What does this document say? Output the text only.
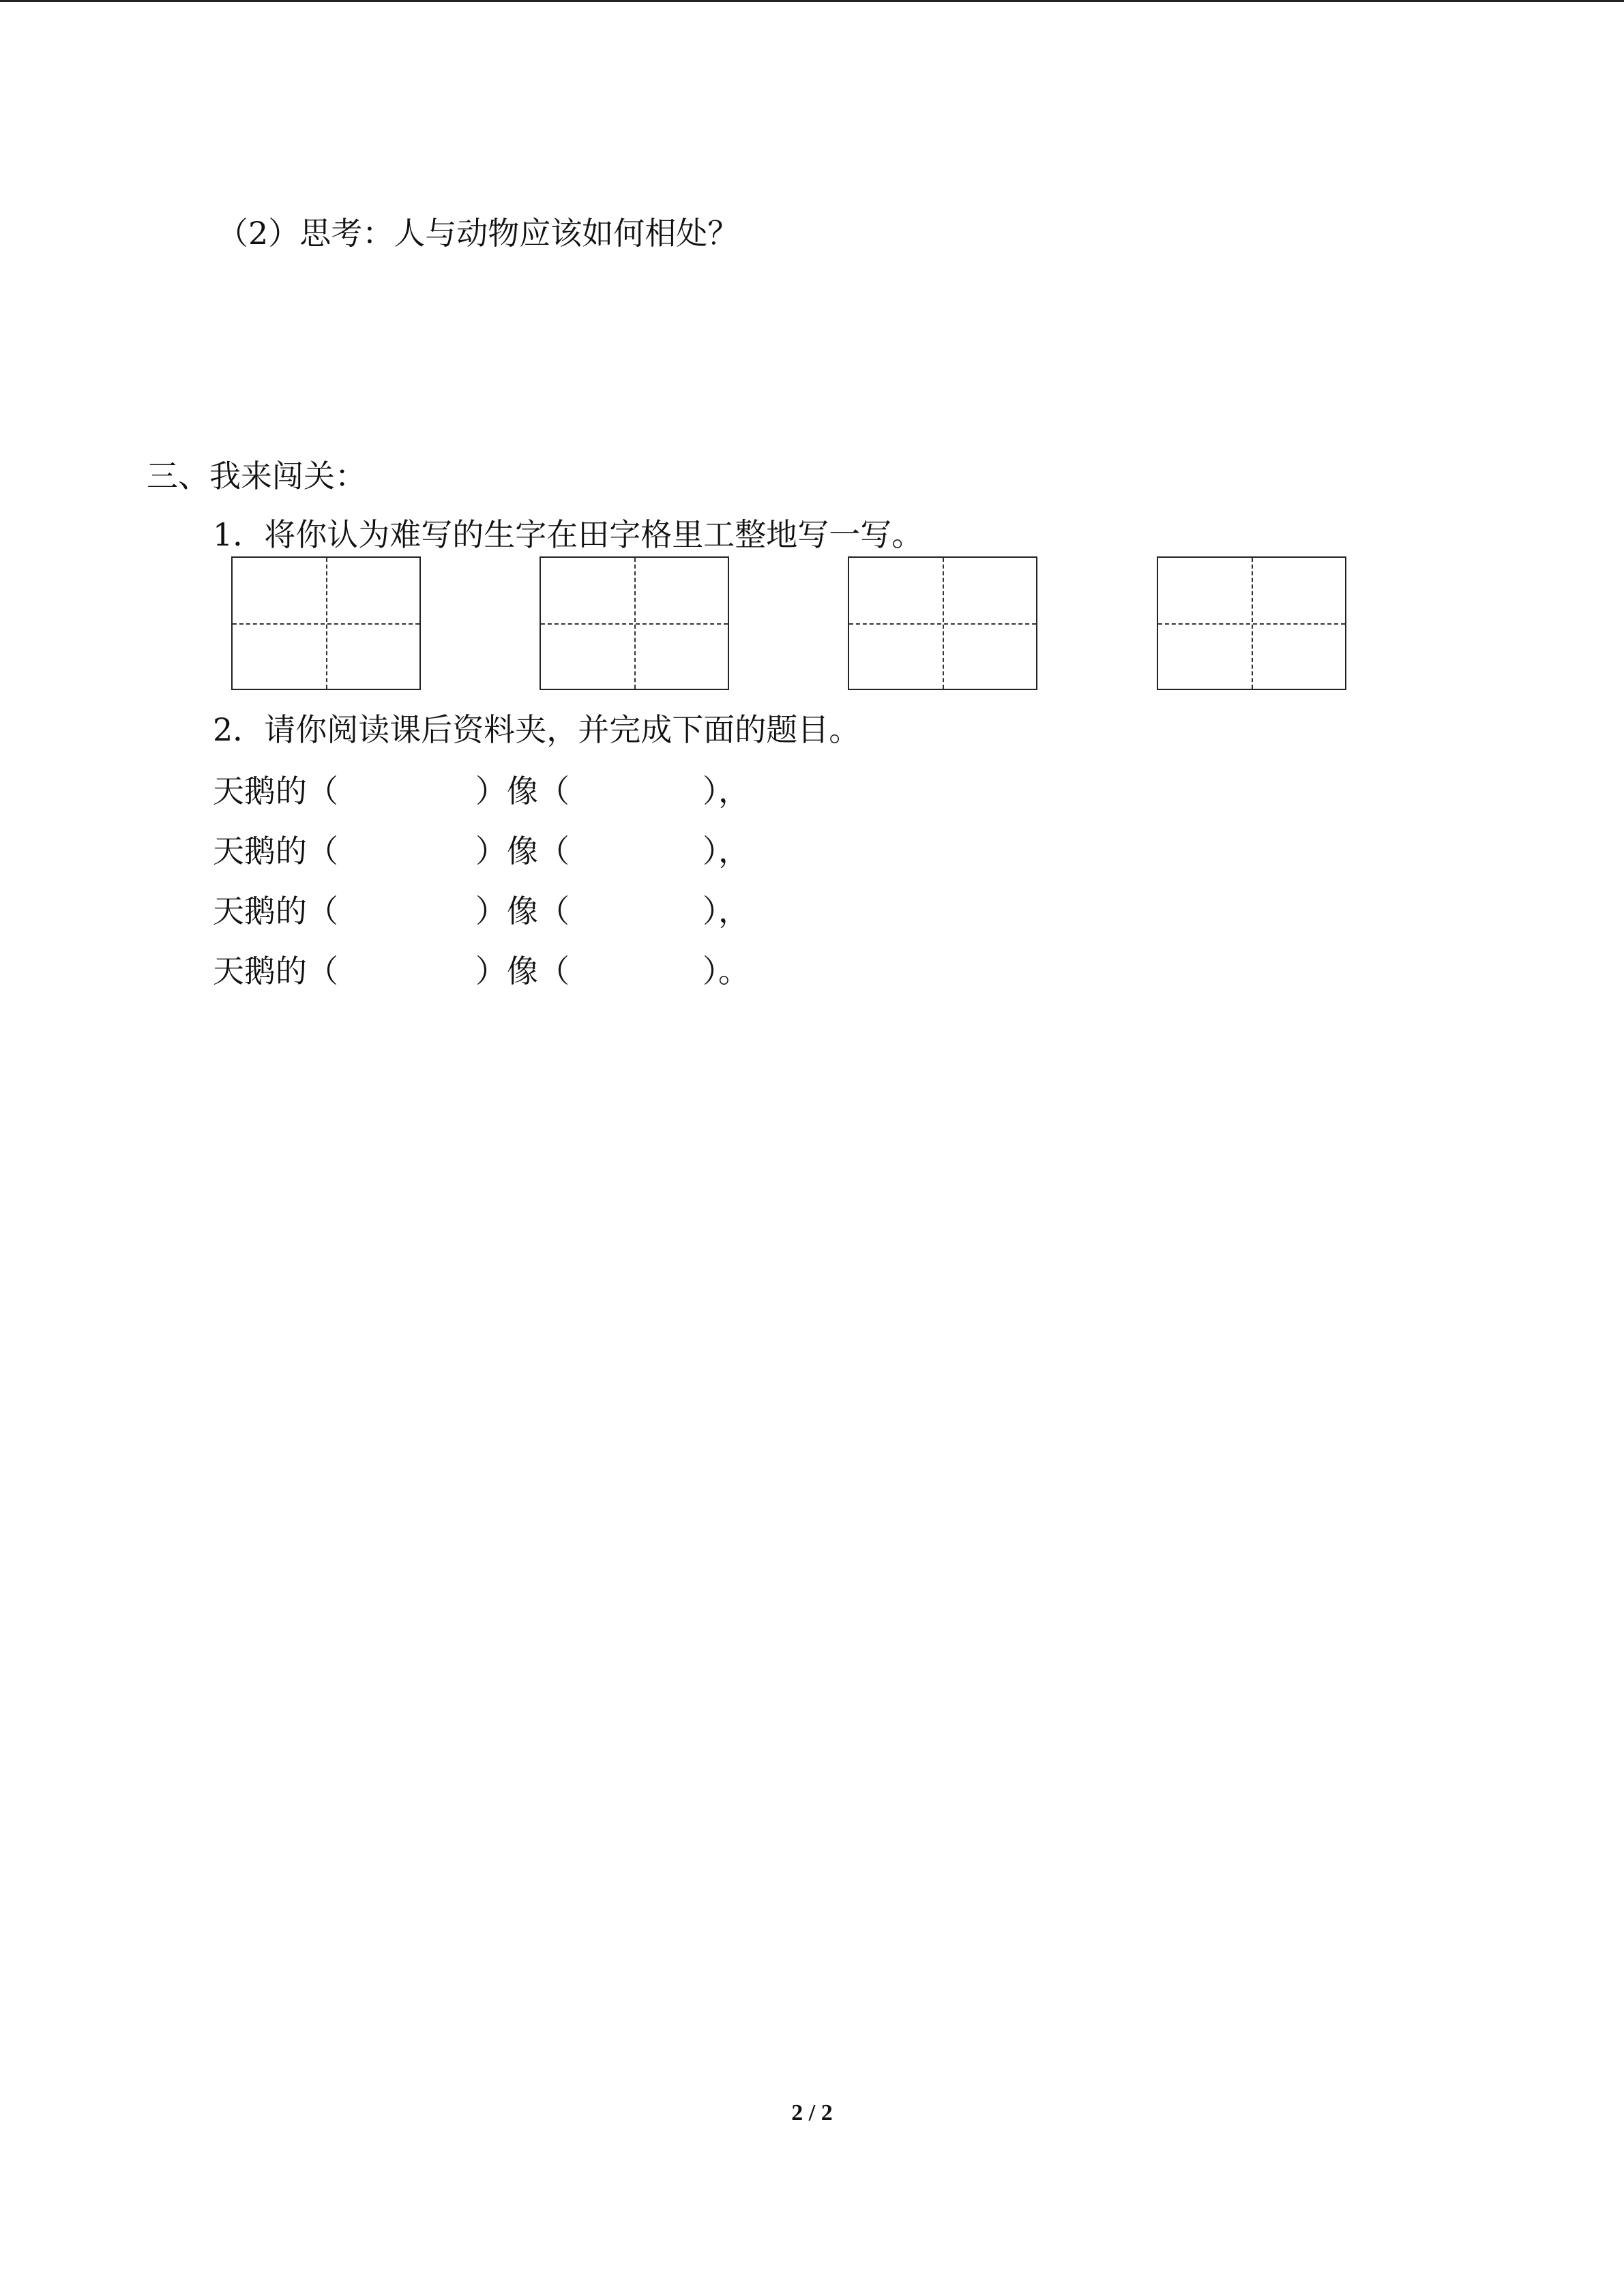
（2）思考：人与动物应该如何相处？

三、我来闯关：

1．将你认为难写的生字在田字格里工整地写一写。

2．请你阅读课后资料夹，并完成下面的题目。

天鹅的（

	）像（

	），

天鹅的（

	）像（

	），

天鹅的（

	）像（

	），

天鹅的（

	）像（

	）。

2 / 2
